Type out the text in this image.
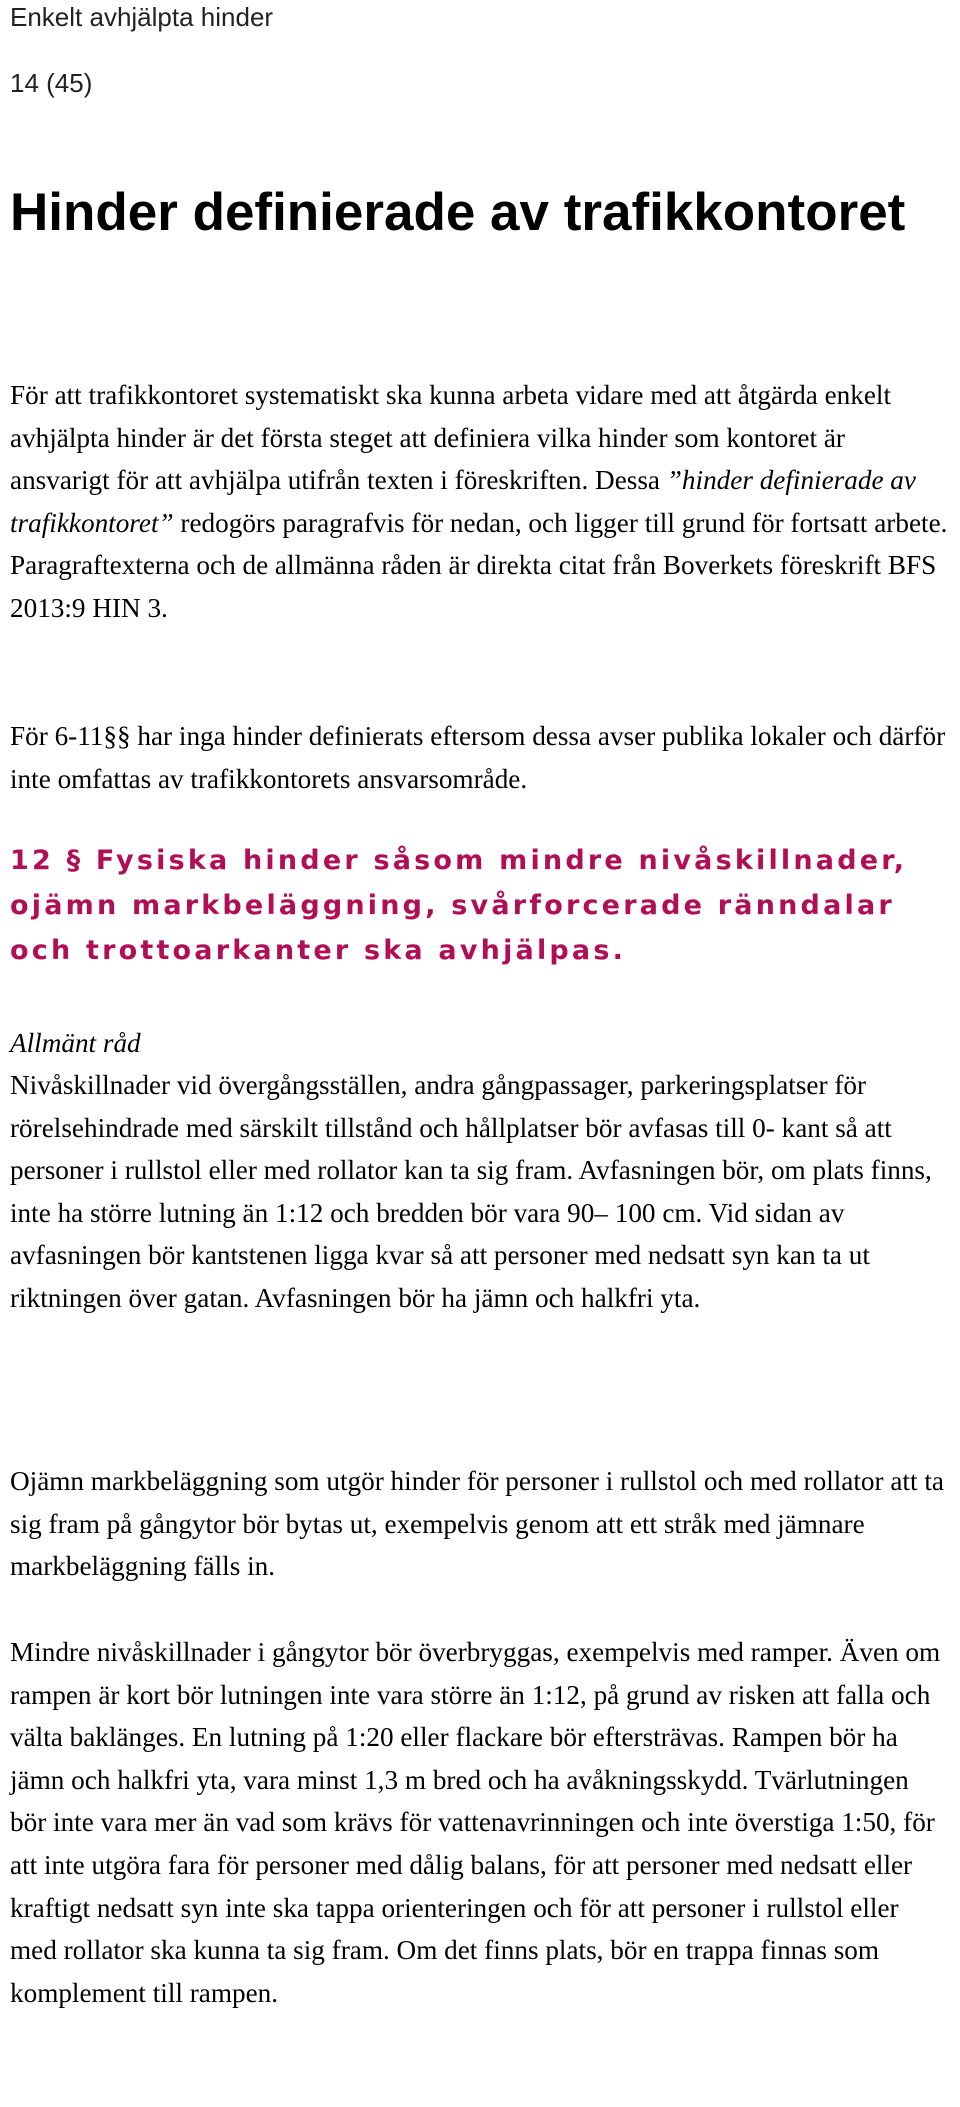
Enkelt avhjälpta hinder
14 (45)
Hinder definierade av trafikkontoret

För att trafikkontoret systematiskt ska kunna arbeta vidare med att åtgärda enkelt avhjälpta hinder är det första steget att definiera vilka hinder som kontoret är ansvarigt för att avhjälpa utifrån texten i föreskriften. Dessa ”hinder definierade av trafikkontoret” redogörs paragrafvis för nedan, och ligger till grund för fortsatt arbete. Paragraftexterna och de allmänna råden är direkta citat från Boverkets föreskrift BFS 2013:9 HIN 3.

För 6-11§§ har inga hinder definierats eftersom dessa avser publika lokaler och därför inte omfattas av trafikkontorets ansvarsområde.

12 § Fysiska hinder såsom mindre nivåskillnader, ojämn markbeläggning, svårforcerade ränndalar och trottoarkanter ska avhjälpas.

Allmänt råd

Nivåskillnader vid övergångsställen, andra gångpassager, parkeringsplatser för rörelsehindrade med särskilt tillstånd och hållplatser bör avfasas till 0- kant så att personer i rullstol eller med rollator kan ta sig fram. Avfasningen bör, om plats finns, inte ha större lutning än 1:12 och bredden bör vara 90– 100 cm. Vid sidan av avfasningen bör kantstenen ligga kvar så att personer med nedsatt syn kan ta ut riktningen över gatan. Avfasningen bör ha jämn och halkfri yta.

Ojämn markbeläggning som utgör hinder för personer i rullstol och med rollator att ta sig fram på gångytor bör bytas ut, exempelvis genom att ett stråk med jämnare markbeläggning fälls in.

Mindre nivåskillnader i gångytor bör överbryggas, exempelvis med ramper. Även om rampen är kort bör lutningen inte vara större än 1:12, på grund av risken att falla och välta baklänges. En lutning på 1:20 eller flackare bör eftersträvas. Rampen bör ha jämn och halkfri yta, vara minst 1,3 m bred och ha avåkningsskydd. Tvärlutningen bör inte vara mer än vad som krävs för vattenavrinningen och inte överstiga 1:50, för att inte utgöra fara för personer med dålig balans, för att personer med nedsatt eller kraftigt nedsatt syn inte ska tappa orienteringen och för att personer i rullstol eller med rollator ska kunna ta sig fram. Om det finns plats, bör en trappa finnas som komplement till rampen.
